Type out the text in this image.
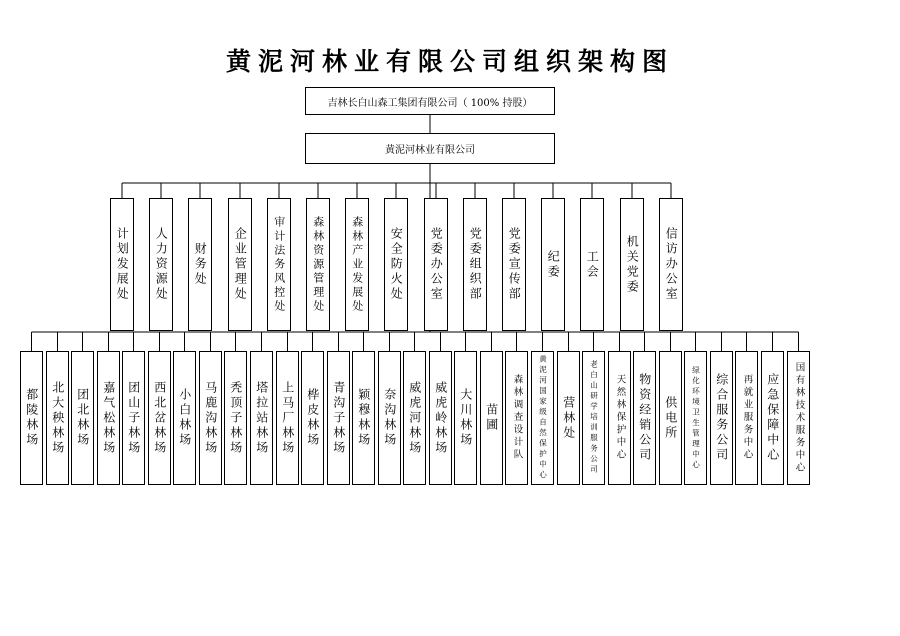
黄泥河林业有限公司组织架构图
吉林长白山森工集团有限公司（ 100% 持股）
黄泥河林业有限公司
计划发展处 人力资源处 财务处 企业管理处 审计法务风控处 森林资源管理处 森林产业发展处 安全防火处 党委办公室 党委组织部 党委宣传部 纪委 工会 机关党委 信访办公室
都陵林场 北大秧林场 团北林场 嘉气松林场 团山子林场 西北岔林场 小白林场 马鹿沟林场 秃顶子林场 塔拉站林场 上马厂林场 桦皮林场 青沟子林场 颖穆林场 奈沟林场 威虎河林场 威虎岭林场 大川林场 苗圃 森林调查设计队 黄泥河国家级自然保护中心 营林处 老白山研学培训服务公司 天然林保护中心 物资经销公司 供电所 绿化环境卫生管理中心 综合服务公司 再就业服务中心 应急保障中心 国有林技术服务中心
